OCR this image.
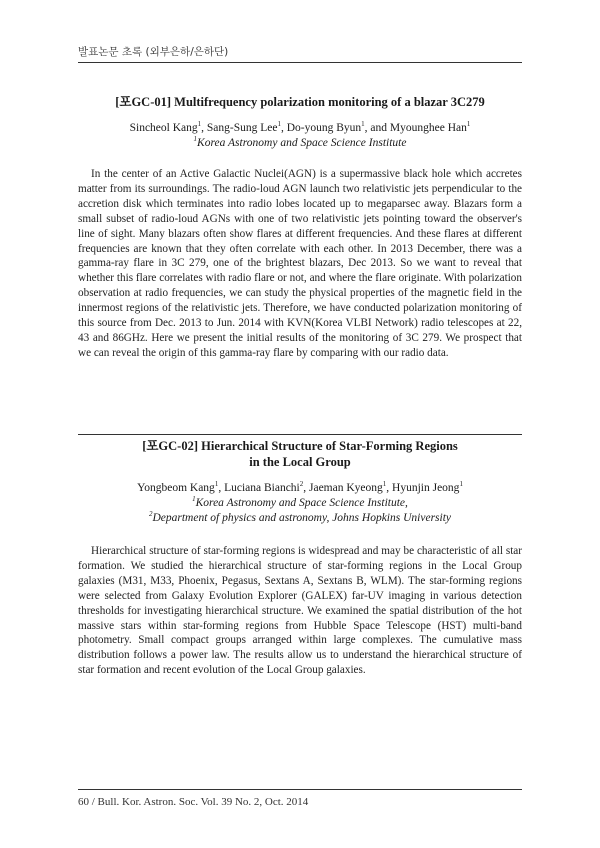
발표논문 초록 (외부은하/은하단)
[포GC-01] Multifrequency polarization monitoring of a blazar 3C279
Sincheol Kang$^1$, Sang-Sung Lee$^1$, Do-young Byun$^1$, and Myounghee Han$^1$
$^1$Korea Astronomy and Space Science Institute

In the center of an Active Galactic Nuclei(AGN) is a supermassive black hole which accretes matter from its surroundings. The radio-loud AGN launch two relativistic jets perpendicular to the accretion disk which terminates into radio lobes located up to megaparsec away. Blazars form a small subset of radio-loud AGNs with one of two relativistic jets pointing toward the observer's line of sight. Many blazars often show flares at different frequencies. And these flares at different frequencies are known that they often correlate with each other. In 2013 December, there was a gamma-ray flare in 3C 279, one of the brightest blazars, Dec 2013. So we want to reveal that whether this flare correlates with radio flare or not, and where the flare originate. With polarization observation at radio frequencies, we can study the physical properties of the magnetic field in the innermost regions of the relativistic jets. Therefore, we have conducted polarization monitoring of this source from Dec. 2013 to Jun. 2014 with KVN(Korea VLBI Network) radio telescopes at 22, 43 and 86GHz. Here we present the initial results of the monitoring of 3C 279. We prospect that we can reveal the origin of this gamma-ray flare by comparing with our radio data.

[포GC-02] Hierarchical Structure of Star-Forming Regions
in the Local Group
Yongbeom Kang$^1$, Luciana Bianchi$^2$, Jaeman Kyeong$^1$, Hyunjin Jeong$^1$
$^1$Korea Astronomy and Space Science Institute,
$^2$Department of physics and astronomy, Johns Hopkins University

Hierarchical structure of star-forming regions is widespread and may be characteristic of all star formation. We studied the hierarchical structure of star-forming regions in the Local Group galaxies (M31, M33, Phoenix, Pegasus, Sextans A, Sextans B, WLM). The star-forming regions were selected from Galaxy Evolution Explorer (GALEX) far-UV imaging in various detection thresholds for investigating hierarchical structure. We examined the spatial distribution of the hot massive stars within star-forming regions from Hubble Space Telescope (HST) multi-band photometry. Small compact groups arranged within large complexes. The cumulative mass distribution follows a power law. The results allow us to understand the hierarchical structure of star formation and recent evolution of the Local Group galaxies.

60 / Bull. Kor. Astron. Soc. Vol. 39 No. 2, Oct. 2014
